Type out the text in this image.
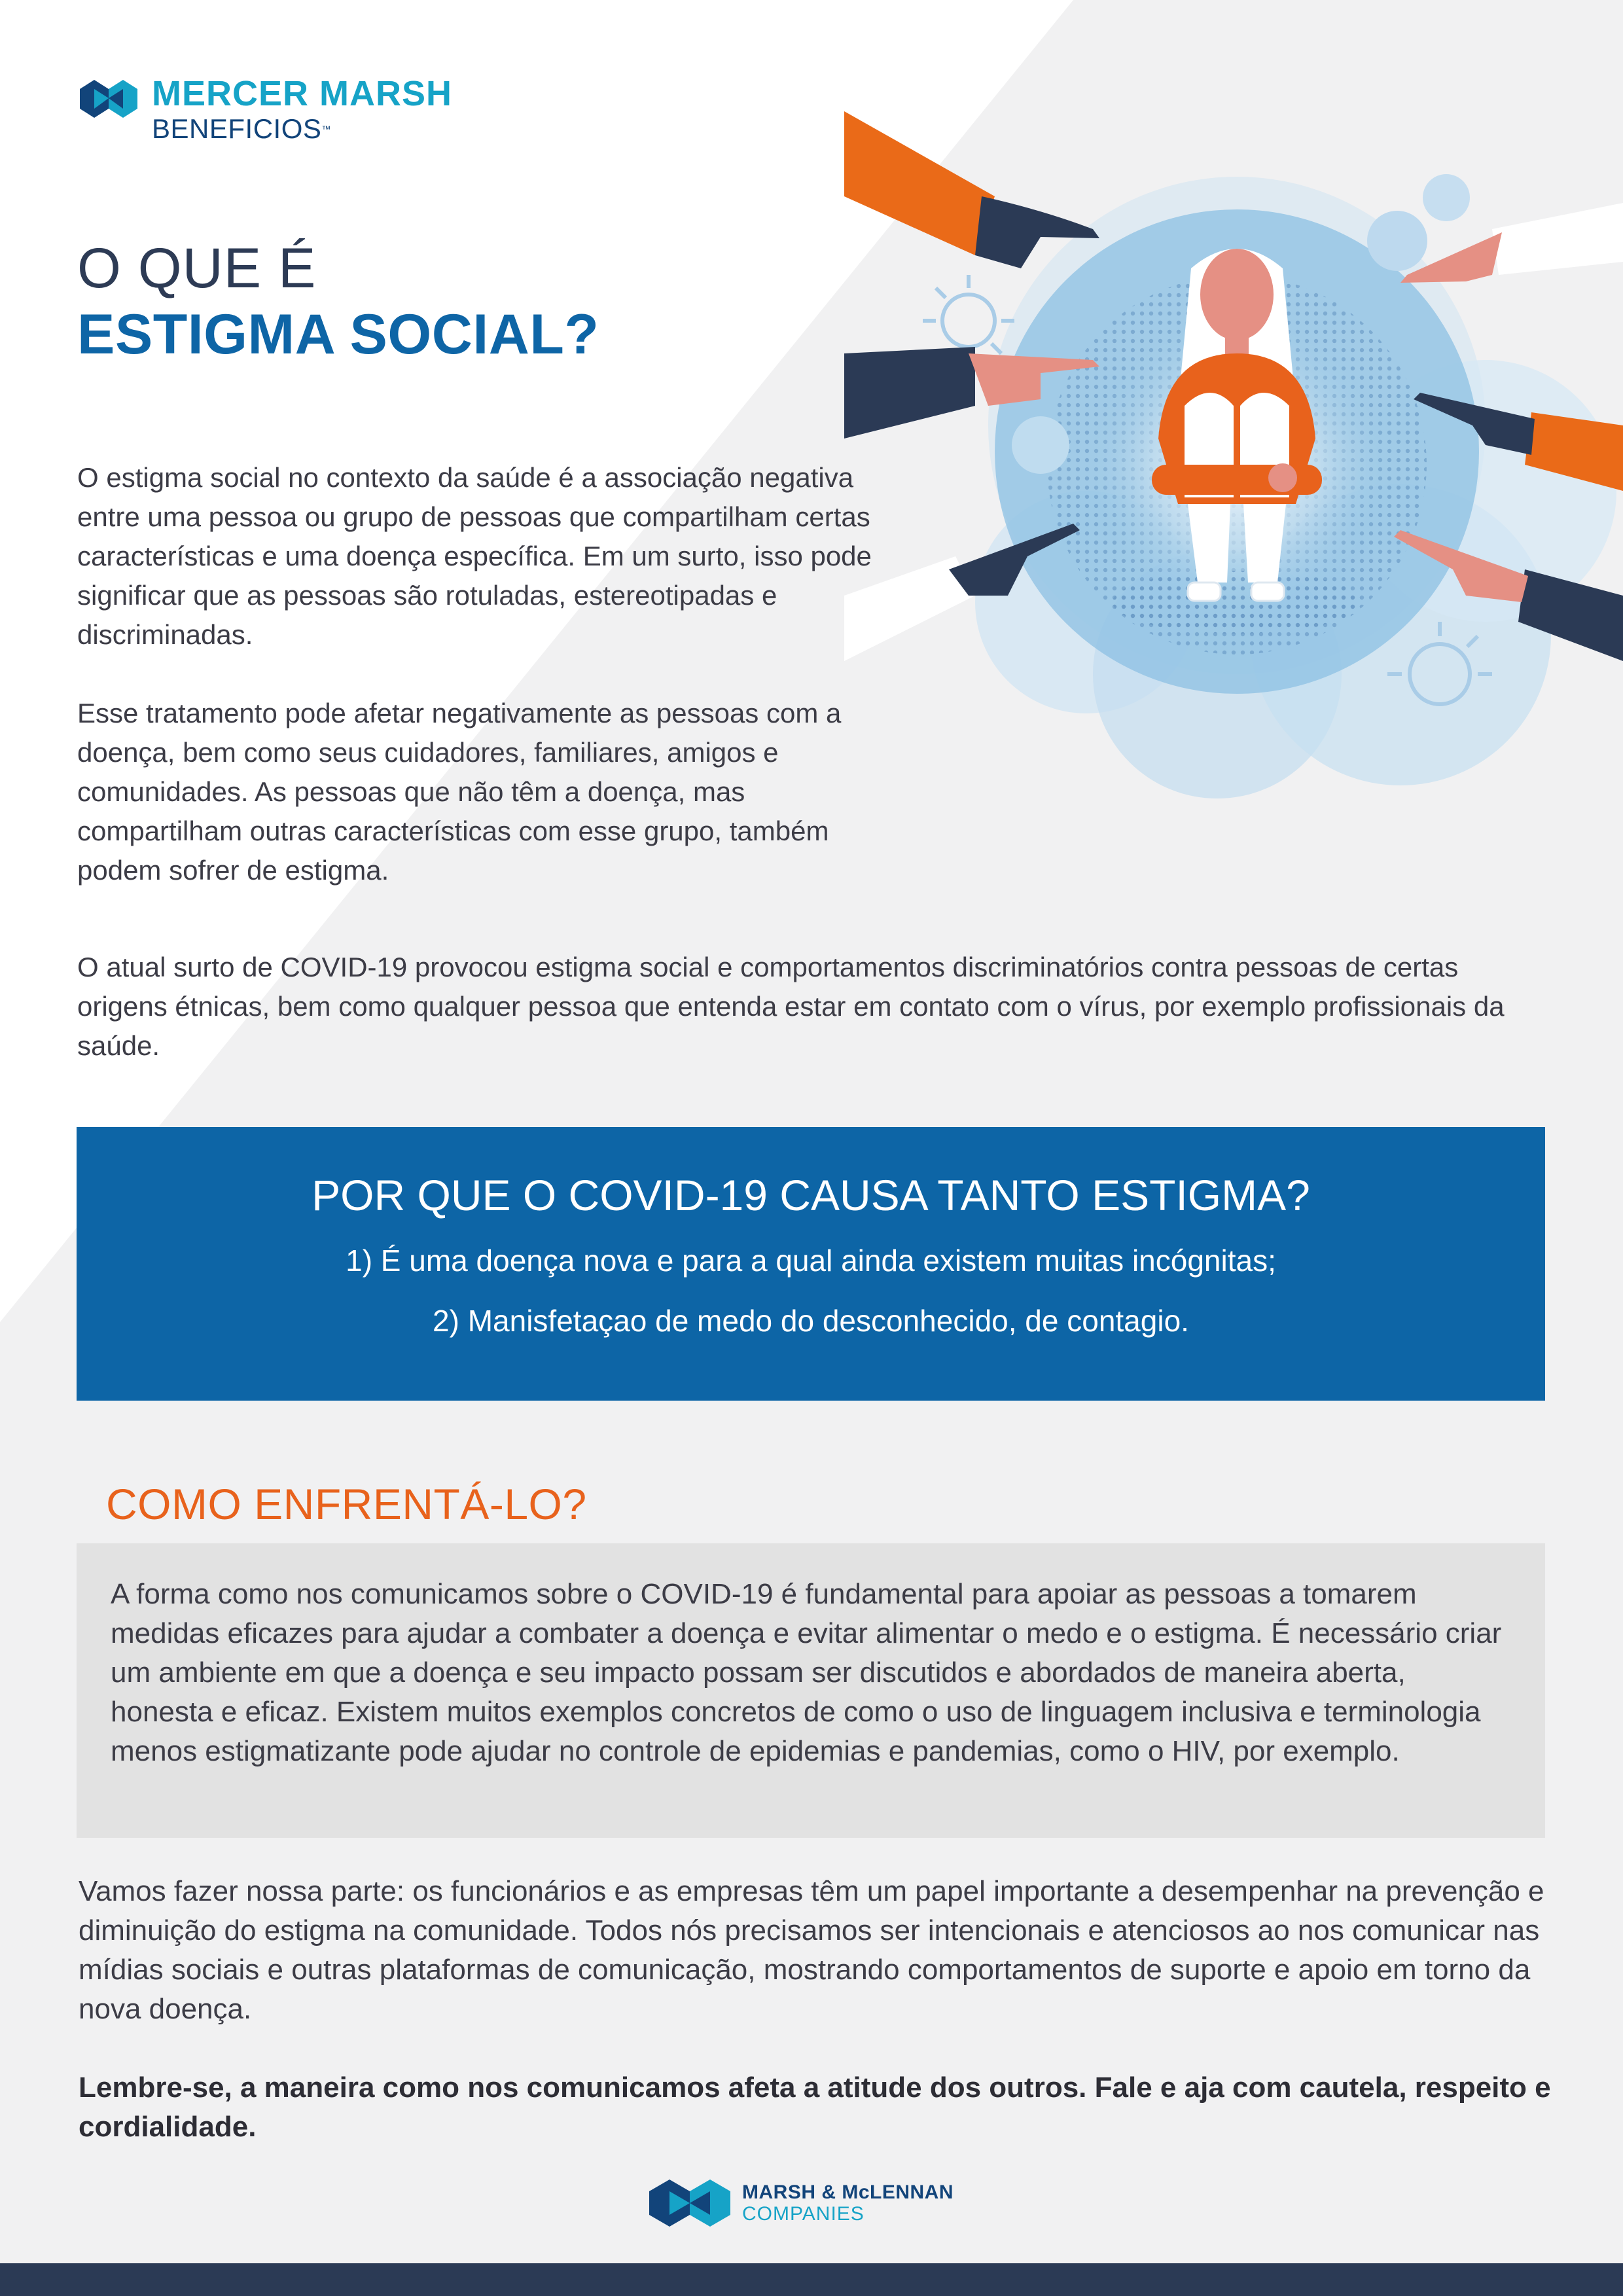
MERCER MARSH
BENEFICIOS™
O QUE É
ESTIGMA SOCIAL?

O estigma social no contexto da saúde é a associação negativa entre uma pessoa ou grupo de pessoas que compartilham certas características e uma doença específica. Em um surto, isso pode significar que as pessoas são rotuladas, estereotipadas e discriminadas.

Esse tratamento pode afetar negativamente as pessoas com a doença, bem como seus cuidadores, familiares, amigos e comunidades. As pessoas que não têm a doença, mas compartilham outras características com esse grupo, também podem sofrer de estigma.

O atual surto de COVID-19 provocou estigma social e comportamentos discriminatórios contra pessoas de certas origens étnicas, bem como qualquer pessoa que entenda estar em contato com o vírus, por exemplo profissionais da saúde.

POR QUE O COVID-19 CAUSA TANTO ESTIGMA?
1) É uma doença nova e para a qual ainda existem muitas incógnitas;
2) Manisfetaçao de medo do desconhecido, de contagio.
COMO ENFRENTÁ-LO?

A forma como nos comunicamos sobre o COVID-19 é fundamental para apoiar as pessoas a tomarem medidas eficazes para ajudar a combater a doença e evitar alimentar o medo e o estigma. É necessário criar um ambiente em que a doença e seu impacto possam ser discutidos e abordados de maneira aberta, honesta e eficaz. Existem muitos exemplos concretos de como o uso de linguagem inclusiva e terminologia menos estigmatizante pode ajudar no controle de epidemias e pandemias, como o HIV, por exemplo.

Vamos fazer nossa parte: os funcionários e as empresas têm um papel importante a desempenhar na prevenção e diminuição do estigma na comunidade. Todos nós precisamos ser intencionais e atenciosos ao nos comunicar nas mídias sociais e outras plataformas de comunicação, mostrando comportamentos de suporte e apoio em torno da nova doença.

Lembre-se, a maneira como nos comunicamos afeta a atitude dos outros. Fale e aja com cautela, respeito e cordialidade.

MARSH & McLENNAN
COMPANIES
